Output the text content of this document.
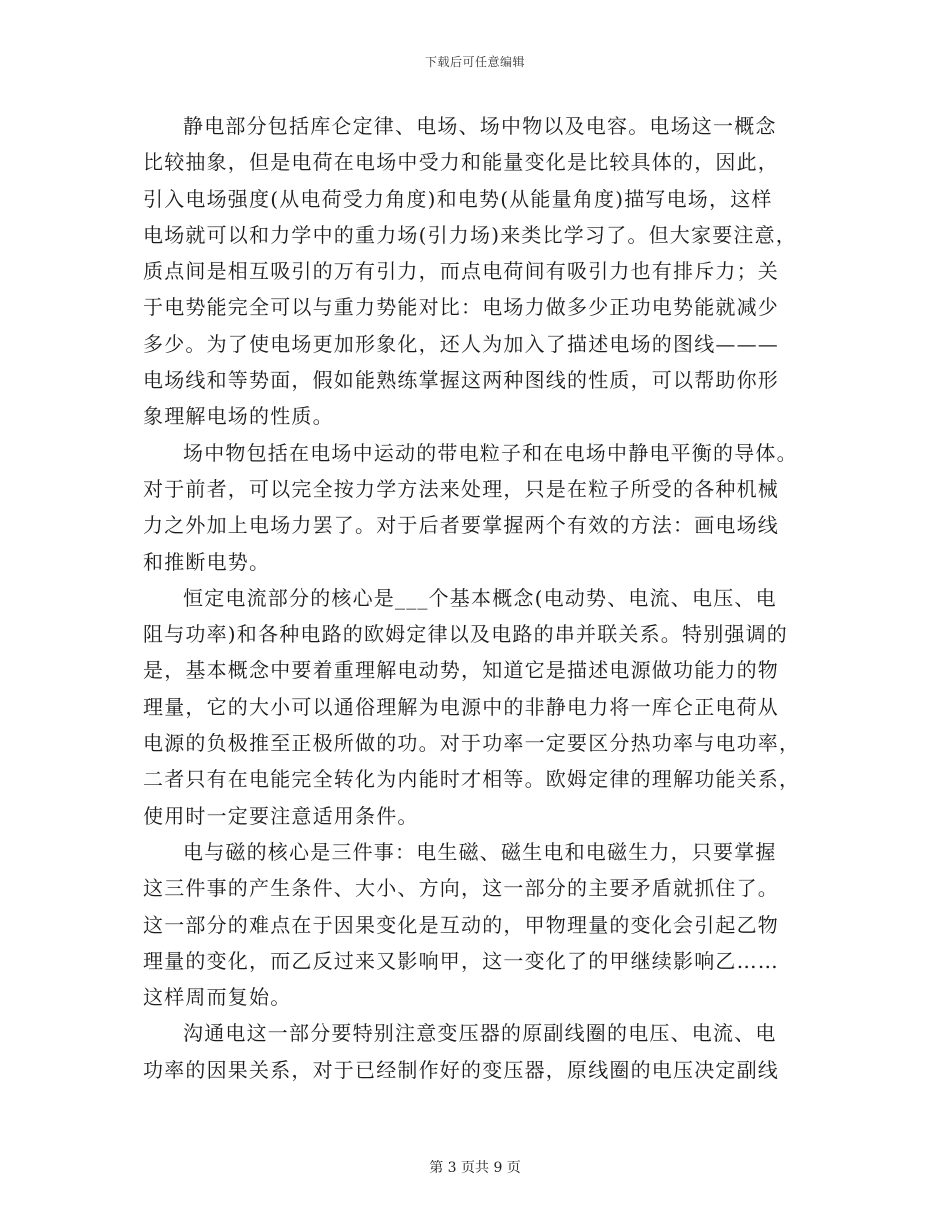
下载后可任意编辑
静电部分包括库仑定律、电场、场中物以及电容。电场这一概念
比较抽象，但是电荷在电场中受力和能量变化是比较具体的，因此，
引入电场强度(从电荷受力角度)和电势(从能量角度)描写电场，这样
电场就可以和力学中的重力场(引力场)来类比学习了。但大家要注意，
质点间是相互吸引的万有引力，而点电荷间有吸引力也有排斥力；关
于电势能完全可以与重力势能对比：电场力做多少正功电势能就减少
多少。为了使电场更加形象化，还人为加入了描述电场的图线———
电场线和等势面，假如能熟练掌握这两种图线的性质，可以帮助你形
象理解电场的性质。
场中物包括在电场中运动的带电粒子和在电场中静电平衡的导体。
对于前者，可以完全按力学方法来处理，只是在粒子所受的各种机械
力之外加上电场力罢了。对于后者要掌握两个有效的方法：画电场线
和推断电势。
恒定电流部分的核心是___个基本概念(电动势、电流、电压、电
阻与功率)和各种电路的欧姆定律以及电路的串并联关系。特别强调的
是，基本概念中要着重理解电动势，知道它是描述电源做功能力的物
理量，它的大小可以通俗理解为电源中的非静电力将一库仑正电荷从
电源的负极推至正极所做的功。对于功率一定要区分热功率与电功率，
二者只有在电能完全转化为内能时才相等。欧姆定律的理解功能关系，
使用时一定要注意适用条件。
电与磁的核心是三件事：电生磁、磁生电和电磁生力，只要掌握
这三件事的产生条件、大小、方向，这一部分的主要矛盾就抓住了。
这一部分的难点在于因果变化是互动的，甲物理量的变化会引起乙物
理量的变化，而乙反过来又影响甲，这一变化了的甲继续影响乙……
这样周而复始。
沟通电这一部分要特别注意变压器的原副线圈的电压、电流、电
功率的因果关系，对于已经制作好的变压器，原线圈的电压决定副线
第 3 页共 9 页
